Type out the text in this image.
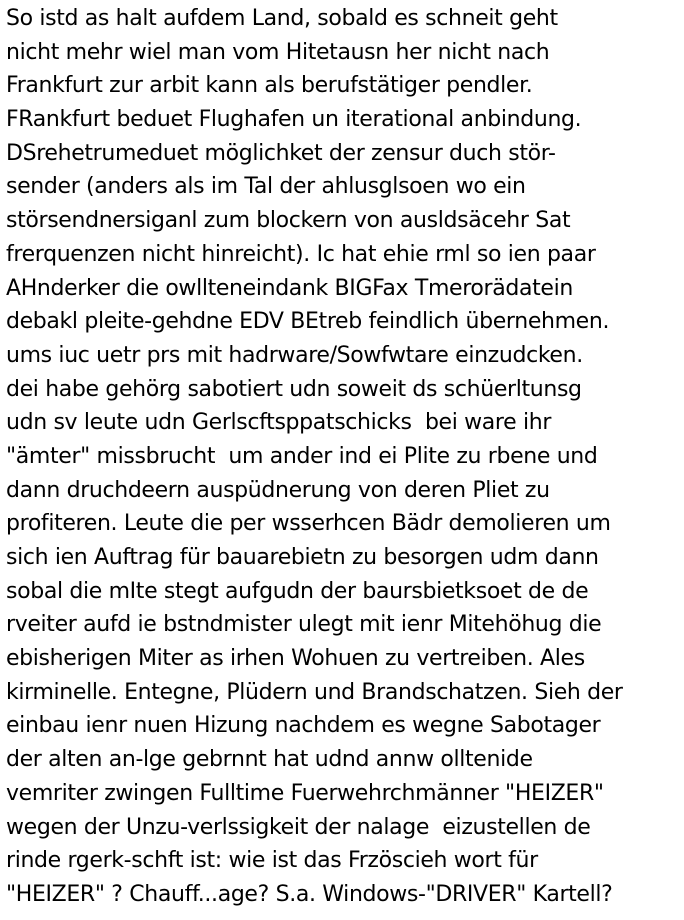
So istd as halt aufdem Land, sobald es schneit geht
nicht mehr wiel man vom Hitetausn her nicht nach
Frankfurt zur arbit kann als berufstätiger pendler.
FRankfurt beduet Flughafen un iterational anbindung.
DSrehetrumeduet möglichket der zensur duch stör-
sender (anders als im Tal der ahlusglsoen wo ein
störsendnersiganl zum blockern von ausldsäcehr Sat
frerquenzen nicht hinreicht). Ic hat ehie rml so ien paar
AHnderker die owllteneindank BIGFax Tmerorädatein
debakl pleite-gehdne EDV BEtreb feindlich übernehmen.
ums iuc uetr prs mit hadrware/Sowfwtare einzudcken.
dei habe gehörg sabotiert udn soweit ds schüerltunsg
udn sv leute udn Gerlscftsppatschicks  bei ware ihr
"ämter" missbrucht  um ander ind ei Plite zu rbene und
dann druchdeern auspüdnerung von deren Pliet zu
profiteren. Leute die per wsserhcen Bädr demolieren um
sich ien Auftrag für bauarebietn zu besorgen udm dann
sobal die mIte stegt aufgudn der baursbietksoet de de
rveiter aufd ie bstndmister ulegt mit ienr Mitehöhug die
ebisherigen Miter as irhen Wohuen zu vertreiben. Ales
kirminelle. Entegne, Plüdern und Brandschatzen. Sieh der
einbau ienr nuen Hizung nachdem es wegne Sabotager
der alten an-lge gebrnnt hat udnd annw olltenide
vemriter zwingen Fulltime Fuerwehrchmänner "HEIZER"
wegen der Unzu-verlssigkeit der nalage  eizustellen de
rinde rgerk-schft ist: wie ist das Frzöscieh wort für
"HEIZER" ? Chauff...age? S.a. Windows-"DRIVER" Kartell?
